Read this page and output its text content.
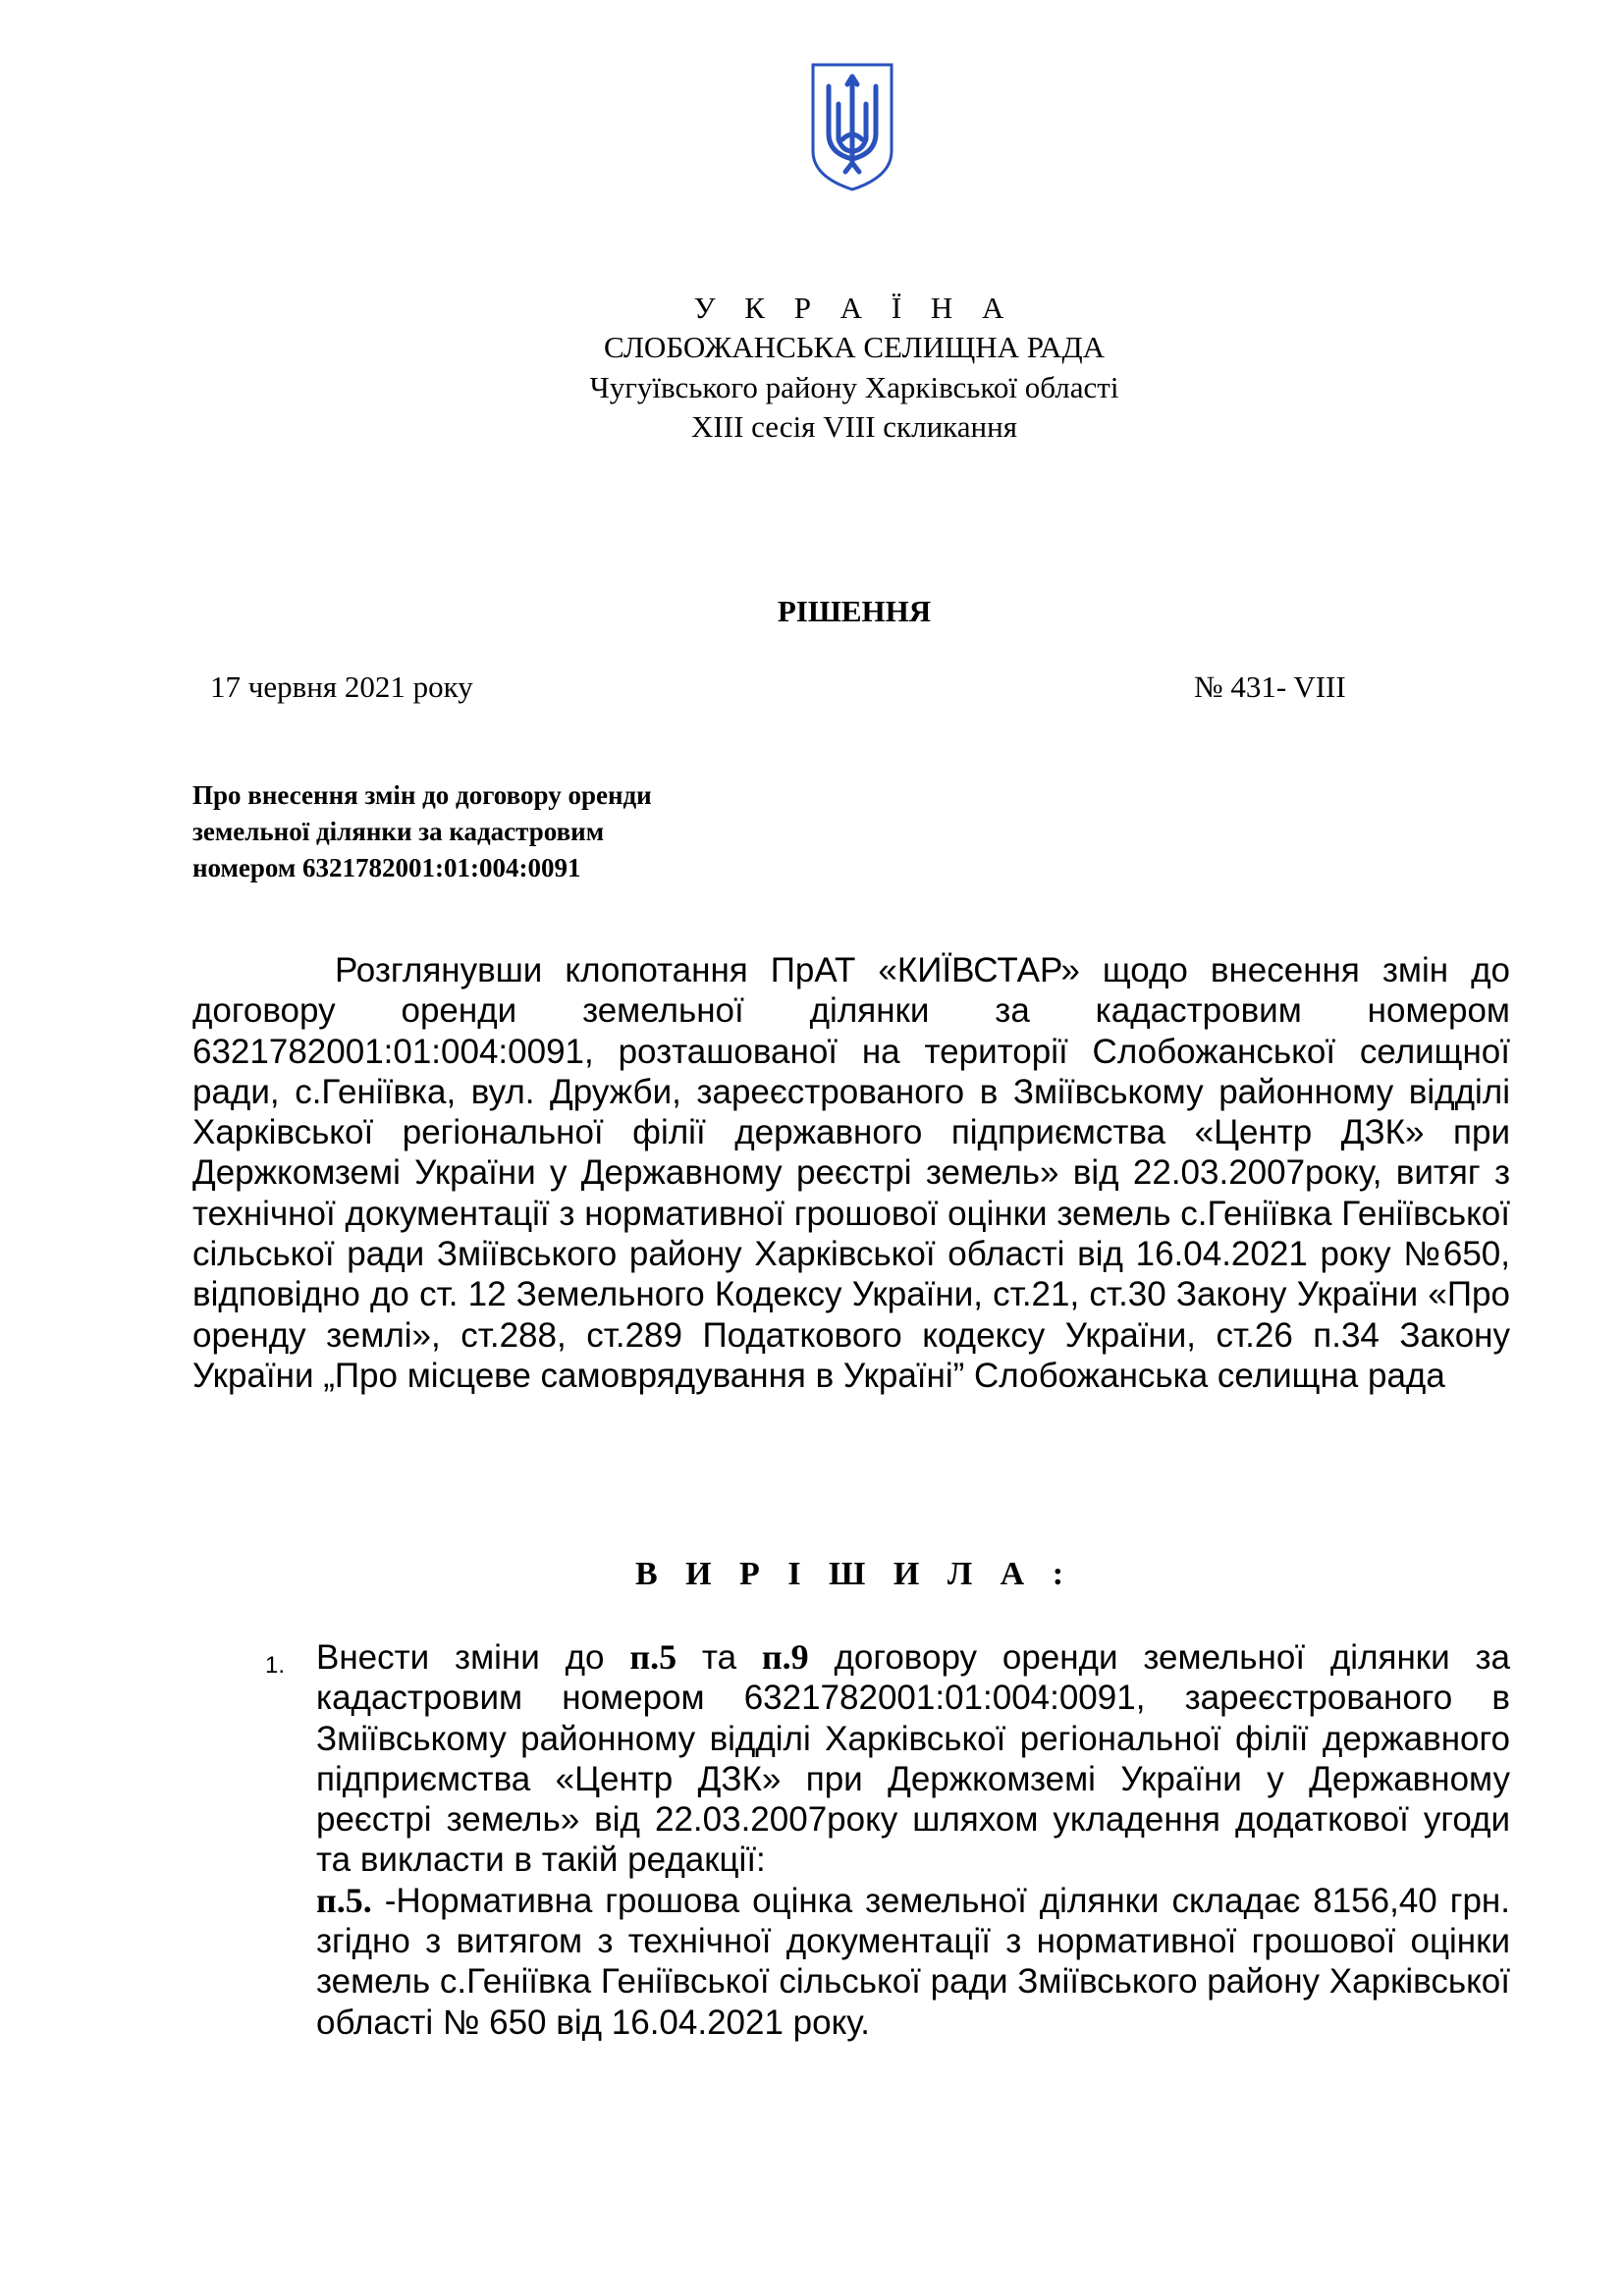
У К Р А Ї Н А
СЛОБОЖАНСЬКА СЕЛИЩНА РАДА
Чугуївського району Харківської області
XIII сесія VIII скликання
РІШЕННЯ
17 червня 2021 року	№ 431- VIII
Про внесення змін до договору оренди
земельної ділянки за кадастровим
номером 6321782001:01:004:0091

Розглянувши клопотання ПрАТ «КИЇВСТАР» щодо внесення змін до договору оренди земельної ділянки за кадастровим номером 6321782001:01:004:0091, розташованої на території Слобожанської селищної ради, с.Геніївка, вул. Дружби, зареєстрованого в Зміївському районному відділі Харківської регіональної філії державного підприємства «Центр ДЗК» при Держкомземі України у Державному реєстрі земель» від 22.03.2007року, витяг з технічної документації з нормативної грошової оцінки земель с.Геніївка Геніївської сільської ради Зміївського району Харківської області від 16.04.2021 року №650, відповідно до ст. 12 Земельного Кодексу України, ст.21, ст.30 Закону України «Про оренду землі», ст.288, ст.289 Податкового кодексу України, ст.26 п.34 Закону України „Про місцеве самоврядування в Україні” Слобожанська селищна рада

В И Р І Ш И Л А :
1. Внести зміни до п.5 та п.9 договору оренди земельної ділянки за кадастровим номером 6321782001:01:004:0091, зареєстрованого в Зміївському районному відділі Харківської регіональної філії державного підприємства «Центр ДЗК» при Держкомземі України у Державному реєстрі земель» від 22.03.2007року шляхом укладення додаткової угоди та викласти в такій редакції:

п.5. -Нормативна грошова оцінка земельної ділянки складає 8156,40 грн. згідно з витягом з технічної документації з нормативної грошової оцінки земель с.Геніївка Геніївської сільської ради Зміївського району Харківської області № 650 від 16.04.2021 року.
